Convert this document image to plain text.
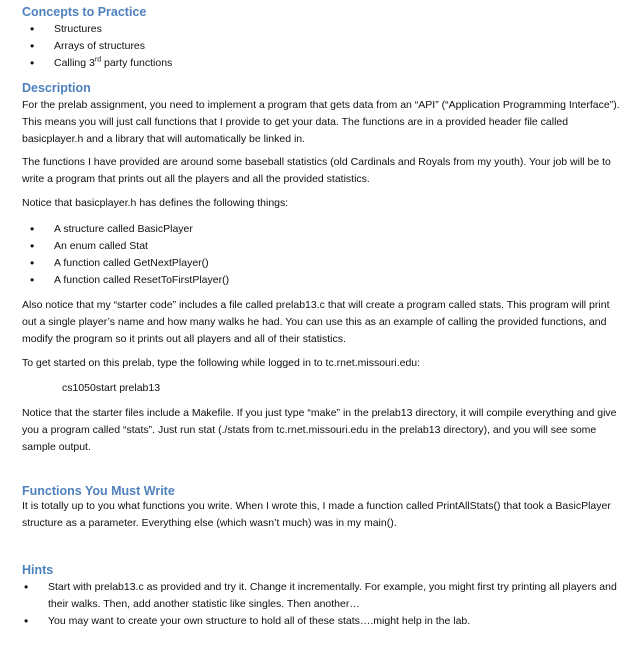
Concepts to Practice
• Structures
• Arrays of structures
• Calling 3rd party functions
Description

For the prelab assignment, you need to implement a program that gets data from an “API” (“Application Programming Interface”). This means you will just call functions that I provide to get your data. The functions are in a provided header file called basicplayer.h and a library that will automatically be linked in.

The functions I have provided are around some baseball statistics (old Cardinals and Royals from my youth). Your job will be to write a program that prints out all the players and all the provided statistics.

Notice that basicplayer.h has defines the following things:

• A structure called BasicPlayer
• An enum called Stat
• A function called GetNextPlayer()
• A function called ResetToFirstPlayer()

Also notice that my “starter code” includes a file called prelab13.c that will create a program called stats. This program will print out a single player’s name and how many walks he had. You can use this as an example of calling the provided functions, and modify the program so it prints out all players and all of their statistics.

To get started on this prelab, type the following while logged in to tc.rnet.missouri.edu:

cs1050start prelab13

Notice that the starter files include a Makefile. If you just type “make” in the prelab13 directory, it will compile everything and give you a program called “stats”. Just run stat (./stats from tc.rnet.missouri.edu in the prelab13 directory), and you will see some sample output.

Functions You Must Write

It is totally up to you what functions you write. When I wrote this, I made a function called PrintAllStats() that took a BasicPlayer structure as a parameter. Everything else (which wasn’t much) was in my main().

Hints
• Start with prelab13.c as provided and try it. Change it incrementally. For example, you might first try printing all players and their walks. Then, add another statistic like singles. Then another…
• You may want to create your own structure to hold all of these stats….might help in the lab.
